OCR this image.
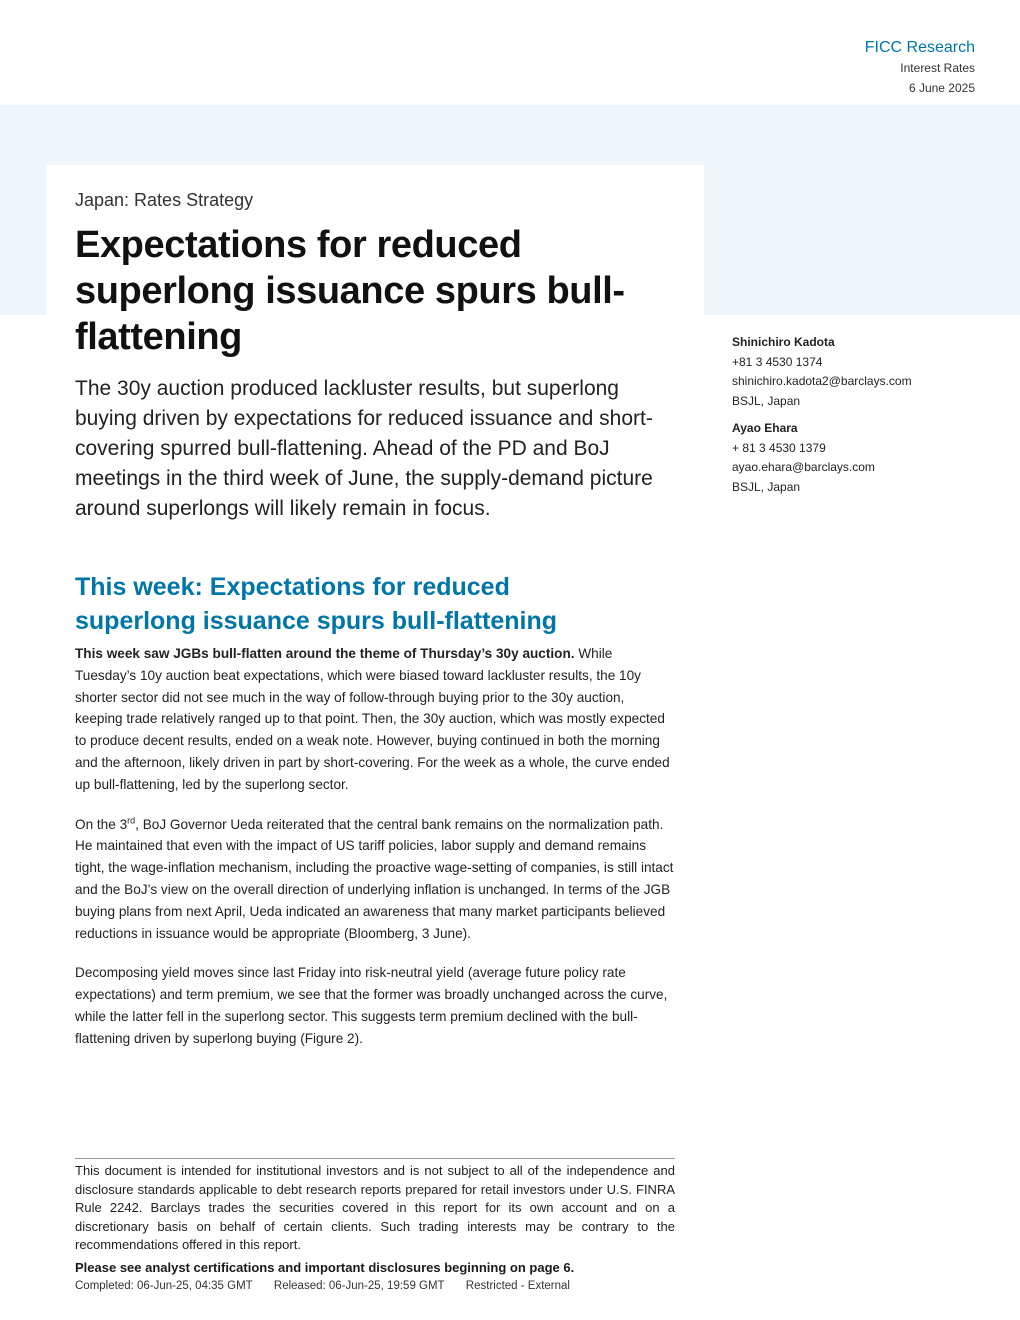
FICC Research
Interest Rates
6 June 2025
Japan: Rates Strategy
Expectations for reduced superlong issuance spurs bull-flattening

The 30y auction produced lackluster results, but superlong buying driven by expectations for reduced issuance and short-covering spurred bull-flattening. Ahead of the PD and BoJ meetings in the third week of June, the supply-demand picture around superlongs will likely remain in focus.

Shinichiro Kadota
+81 3 4530 1374
shinichiro.kadota2@barclays.com
BSJL, Japan
Ayao Ehara
+ 81 3 4530 1379
ayao.ehara@barclays.com
BSJL, Japan
This week: Expectations for reduced superlong issuance spurs bull-flattening

This week saw JGBs bull-flatten around the theme of Thursday’s 30y auction. While Tuesday’s 10y auction beat expectations, which were biased toward lackluster results, the 10y shorter sector did not see much in the way of follow-through buying prior to the 30y auction, keeping trade relatively ranged up to that point. Then, the 30y auction, which was mostly expected to produce decent results, ended on a weak note. However, buying continued in both the morning and the afternoon, likely driven in part by short-covering. For the week as a whole, the curve ended up bull-flattening, led by the superlong sector.

On the 3rd, BoJ Governor Ueda reiterated that the central bank remains on the normalization path. He maintained that even with the impact of US tariff policies, labor supply and demand remains tight, the wage-inflation mechanism, including the proactive wage-setting of companies, is still intact and the BoJ’s view on the overall direction of underlying inflation is unchanged. In terms of the JGB buying plans from next April, Ueda indicated an awareness that many market participants believed reductions in issuance would be appropriate (Bloomberg, 3 June).

Decomposing yield moves since last Friday into risk-neutral yield (average future policy rate expectations) and term premium, we see that the former was broadly unchanged across the curve, while the latter fell in the superlong sector. This suggests term premium declined with the bull-flattening driven by superlong buying (Figure 2).

This document is intended for institutional investors and is not subject to all of the independence and disclosure standards applicable to debt research reports prepared for retail investors under U.S. FINRA Rule 2242. Barclays trades the securities covered in this report for its own account and on a discretionary basis on behalf of certain clients. Such trading interests may be contrary to the recommendations offered in this report.

Please see analyst certifications and important disclosures beginning on page 6.

Completed: 06-Jun-25, 04:35 GMT Released: 06-Jun-25, 19:59 GMT Restricted - External
